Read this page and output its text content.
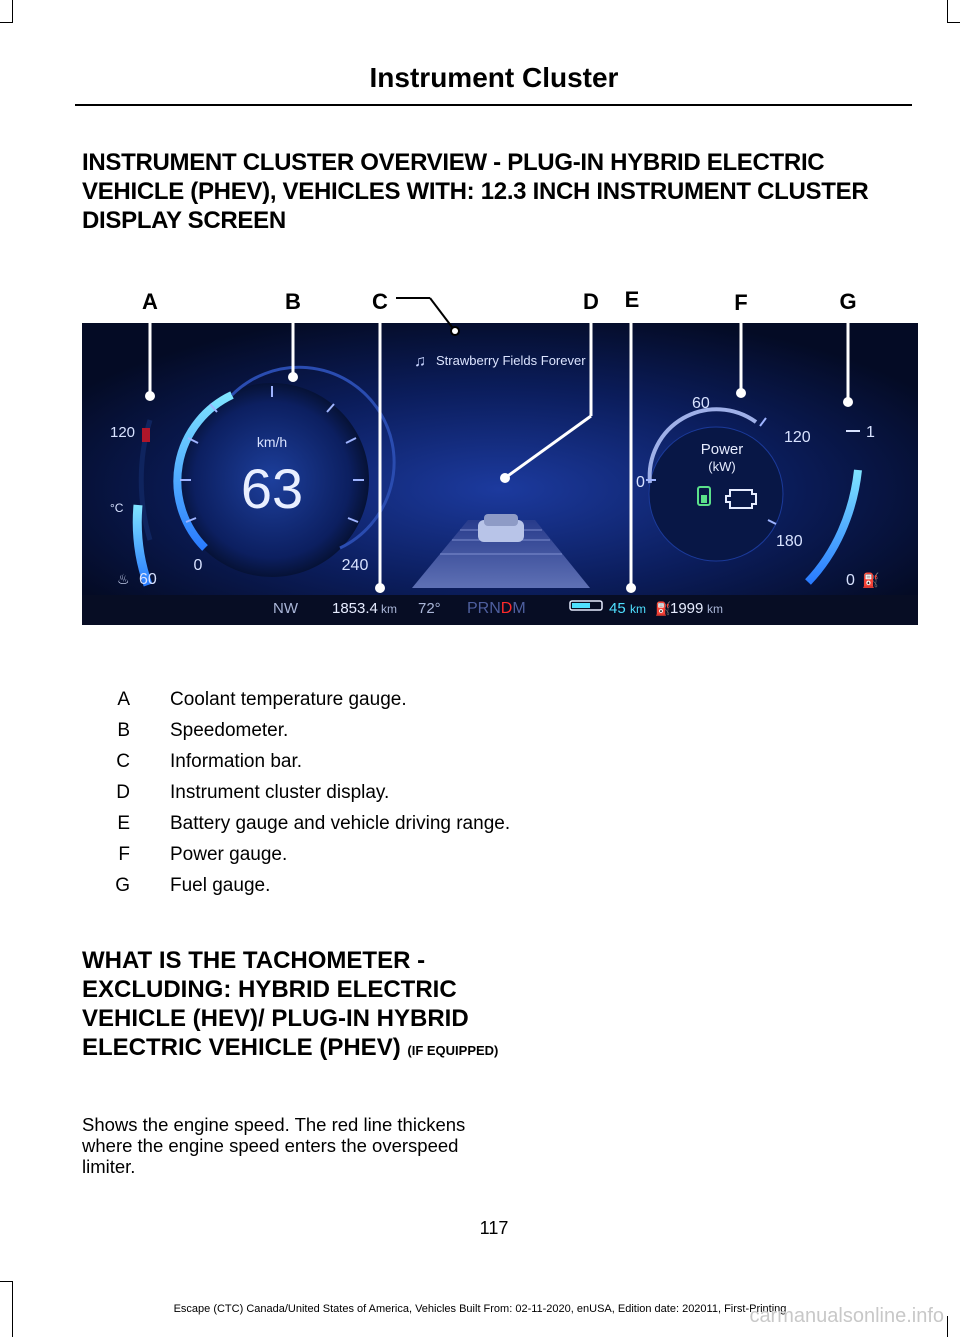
Instrument Cluster
INSTRUMENT CLUSTER OVERVIEW - PLUG-IN HYBRID ELECTRIC VEHICLE (PHEV), VEHICLES WITH: 12.3 INCH INSTRUMENT CLUSTER DISPLAY SCREEN
120
°C
♨ 60
km/h
63
0	240
♫ Strawberry Fields Forever
Power
(kW)
0
60
120
180
1
0 ⛽
NW 1853.4 km 72° PRNDM	45 km ⛽
1999 km
A	B	C	D E	F	G
A Coolant temperature gauge.
B Speedometer.
C Information bar.
D Instrument cluster display.
E Battery gauge and vehicle driving range.
F Power gauge.
G Fuel gauge.
WHAT IS THE TACHOMETER - EXCLUDING: HYBRID ELECTRIC VEHICLE (HEV)/ PLUG-IN HYBRID ELECTRIC VEHICLE (PHEV) (IF EQUIPPED)

Shows the engine speed. The red line thickens where the engine speed enters the overspeed limiter.

117
Escape (CTC) Canada/United States of America, Vehicles Built From: 02-11-2020, enUSA, Edition date: 202011, First-Printing
carmanualsonline.info
